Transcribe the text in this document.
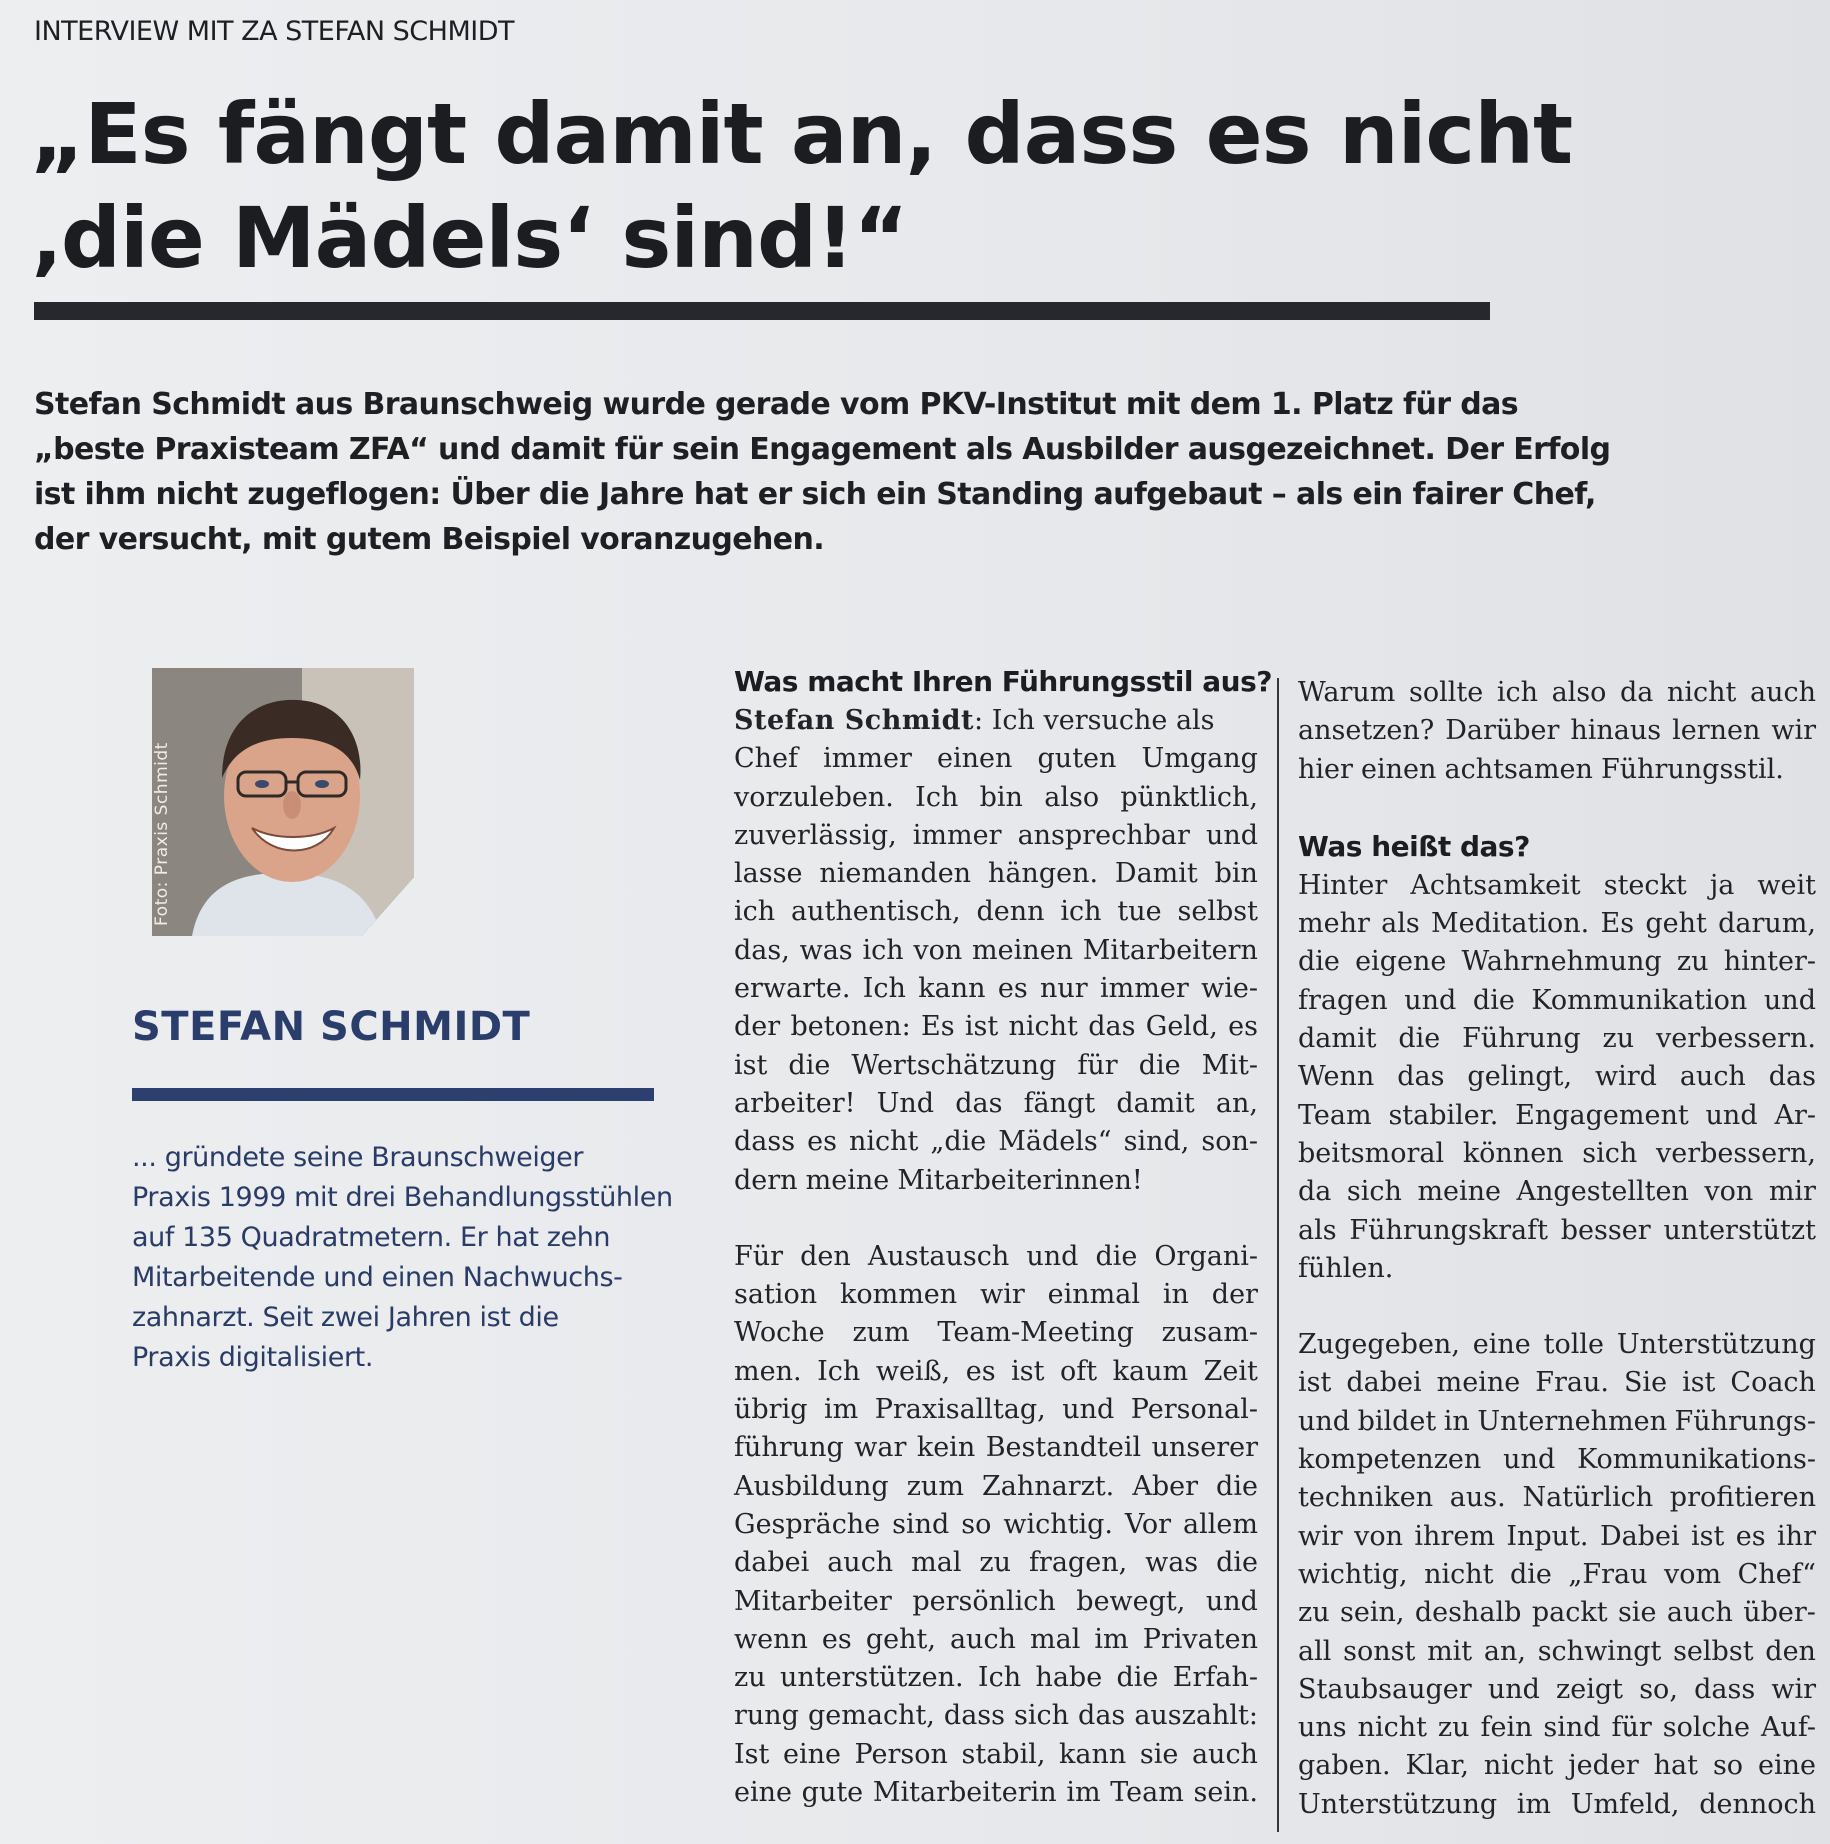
INTERVIEW MIT ZA STEFAN SCHMIDT
„Es fängt damit an, dass es nicht
‚die Mädels‘ sind!“
Stefan Schmidt aus Braunschweig wurde gerade vom PKV-Institut mit dem 1. Platz für das
„beste Praxisteam ZFA“ und damit für sein Engagement als Ausbilder ausgezeichnet. Der Erfolg
ist ihm nicht zugeflogen: Über die Jahre hat er sich ein Standing aufgebaut – als ein fairer Chef,
der versucht, mit gutem Beispiel voranzugehen.
Foto: Praxis Schmidt
STEFAN SCHMIDT
... gründete seine Braunschweiger
Praxis 1999 mit drei Behandlungsstühlen
auf 135 Quadratmetern. Er hat zehn
Mitarbeitende und einen Nachwuchs-
zahnarzt. Seit zwei Jahren ist die
Praxis digitalisiert.
Was macht Ihren Führungsstil aus?
Stefan Schmidt: Ich versuche als
Chef immer einen guten Umgang
vorzuleben. Ich bin also pünktlich,
zuverlässig, immer ansprechbar und
lasse niemanden hängen. Damit bin
ich authentisch, denn ich tue selbst
das, was ich von meinen Mitarbeitern
erwarte. Ich kann es nur immer wie-
der betonen: Es ist nicht das Geld, es
ist die Wertschätzung für die Mit-
arbeiter! Und das fängt damit an,
dass es nicht „die Mädels“ sind, son-
dern meine Mitarbeiterinnen!
Für den Austausch und die Organi-
sation kommen wir einmal in der
Woche zum Team-Meeting zusam-
men. Ich weiß, es ist oft kaum Zeit
übrig im Praxisalltag, und Personal-
führung war kein Bestandteil unserer
Ausbildung zum Zahnarzt. Aber die
Gespräche sind so wichtig. Vor allem
dabei auch mal zu fragen, was die
Mitarbeiter persönlich bewegt, und
wenn es geht, auch mal im Privaten
zu unterstützen. Ich habe die Erfah-
rung gemacht, dass sich das auszahlt:
Ist eine Person stabil, kann sie auch
eine gute Mitarbeiterin im Team sein.
Warum sollte ich also da nicht auch
ansetzen? Darüber hinaus lernen wir
hier einen achtsamen Führungsstil.
Was heißt das?
Hinter Achtsamkeit steckt ja weit
mehr als Meditation. Es geht darum,
die eigene Wahrnehmung zu hinter-
fragen und die Kommunikation und
damit die Führung zu verbessern.
Wenn das gelingt, wird auch das
Team stabiler. Engagement und Ar-
beitsmoral können sich verbessern,
da sich meine Angestellten von mir
als Führungskraft besser unterstützt
fühlen.
Zugegeben, eine tolle Unterstützung
ist dabei meine Frau. Sie ist Coach
und bildet in Unternehmen Führungs-
kompetenzen und Kommunikations-
techniken aus. Natürlich profitieren
wir von ihrem Input. Dabei ist es ihr
wichtig, nicht die „Frau vom Chef“
zu sein, deshalb packt sie auch über-
all sonst mit an, schwingt selbst den
Staubsauger und zeigt so, dass wir
uns nicht zu fein sind für solche Auf-
gaben. Klar, nicht jeder hat so eine
Unterstützung im Umfeld, dennoch
